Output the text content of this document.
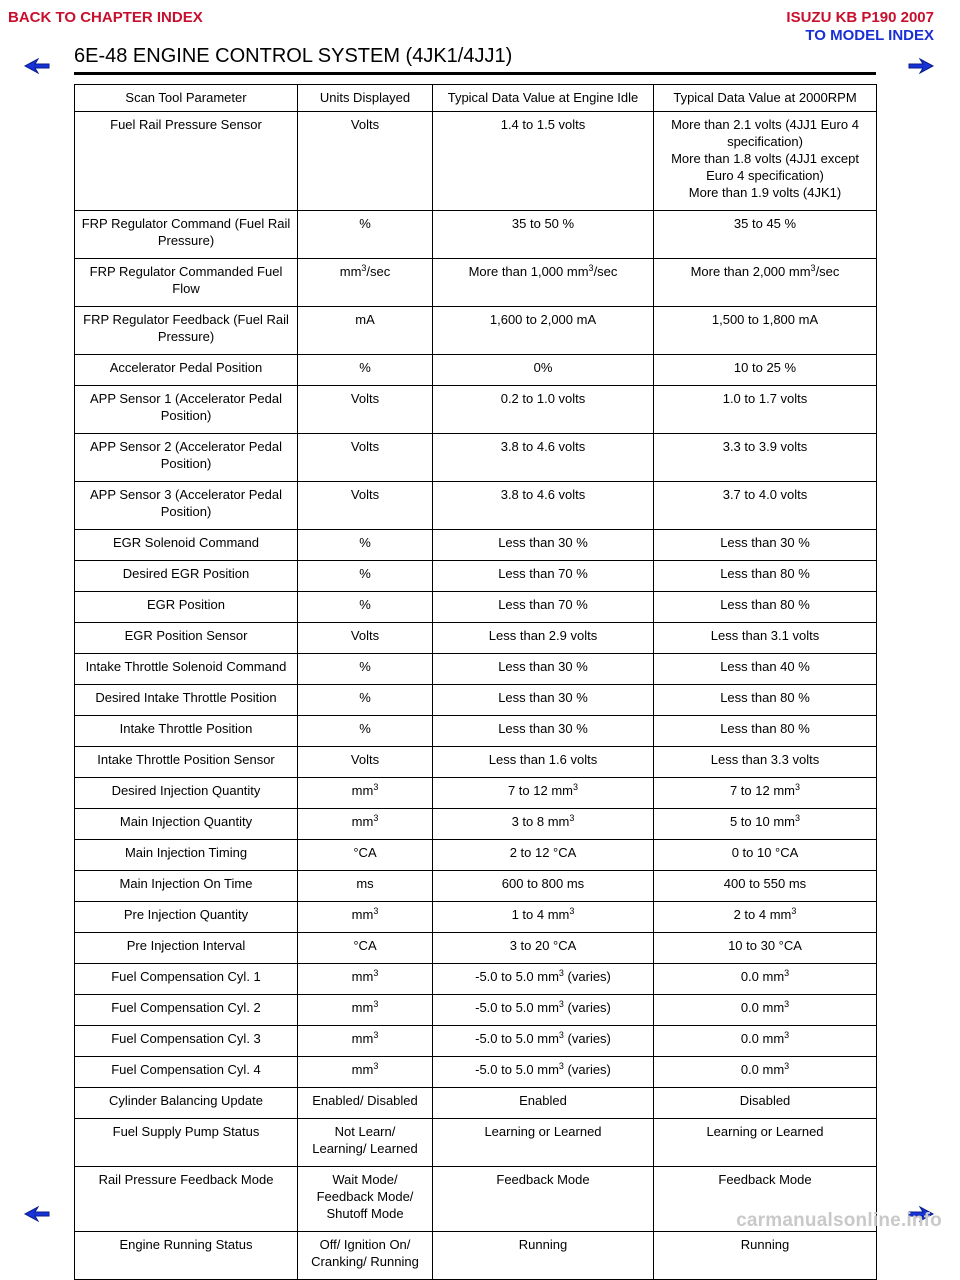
BACK TO CHAPTER INDEX	ISUZU KB P190 2007
TO MODEL INDEX
6E-48 ENGINE CONTROL SYSTEM (4JK1/4JJ1)
Scan Tool Parameter	Units Displayed	Typical Data Value at Engine Idle	Typical Data Value at 2000RPM
Fuel Rail Pressure Sensor	Volts	1.4 to 1.5 volts	More than 2.1 volts (4JJ1 Euro 4 specification)
More than 1.8 volts (4JJ1 except Euro 4 specification)
More than 1.9 volts (4JK1)
FRP Regulator Command (Fuel Rail Pressure)	%	35 to 50 %	35 to 45 %
FRP Regulator Commanded Fuel Flow	$mm^3/\sec$	More than 1,000 $mm^3/\sec$	More than 2,000 $mm^3/\sec$
FRP Regulator Feedback (Fuel Rail Pressure)	mA	1,600 to 2,000 mA	1,500 to 1,800 mA
Accelerator Pedal Position	%	0%	10 to 25 %
APP Sensor 1 (Accelerator Pedal Position)	Volts	0.2 to 1.0 volts	1.0 to 1.7 volts
APP Sensor 2 (Accelerator Pedal Position)	Volts	3.8 to 4.6 volts	3.3 to 3.9 volts
APP Sensor 3 (Accelerator Pedal Position)	Volts	3.8 to 4.6 volts	3.7 to 4.0 volts
EGR Solenoid Command	%	Less than 30 %	Less than 30 %
Desired EGR Position	%	Less than 70 %	Less than 80 %
EGR Position	%	Less than 70 %	Less than 80 %
EGR Position Sensor	Volts	Less than 2.9 volts	Less than 3.1 volts
Intake Throttle Solenoid Command	%	Less than 30 %	Less than 40 %
Desired Intake Throttle Position	%	Less than 30 %	Less than 80 %
Intake Throttle Position	%	Less than 30 %	Less than 80 %
Intake Throttle Position Sensor	Volts	Less than 1.6 volts	Less than 3.3 volts
Desired Injection Quantity	$mm^3$	7 to 12 $mm^3$	7 to 12 $mm^3$
Main Injection Quantity	$mm^3$	3 to 8 $mm^3$	5 to 10 $mm^3$
Main Injection Timing	°CA	2 to 12 °CA	0 to 10 °CA
Main Injection On Time	ms	600 to 800 ms	400 to 550 ms
Pre Injection Quantity	$mm^3$	1 to 4 $mm^3$	2 to 4 $mm^3$
Pre Injection Interval	°CA	3 to 20 °CA	10 to 30 °CA
Fuel Compensation Cyl. 1	$mm^3$	-5.0 to 5.0 $mm^3$ (varies)	0.0 $mm^3$
Fuel Compensation Cyl. 2	$mm^3$	-5.0 to 5.0 $mm^3$ (varies)	0.0 $mm^3$
Fuel Compensation Cyl. 3	$mm^3$	-5.0 to 5.0 $mm^3$ (varies)	0.0 $mm^3$
Fuel Compensation Cyl. 4	$mm^3$	-5.0 to 5.0 $mm^3$ (varies)	0.0 $mm^3$
Cylinder Balancing Update	Enabled/ Disabled	Enabled	Disabled
Fuel Supply Pump Status	Not Learn/
Learning/ Learned	Learning or Learned	Learning or Learned
Rail Pressure Feedback Mode	Wait Mode/
Feedback Mode/
Shutoff Mode	Feedback Mode	Feedback Mode
Engine Running Status	Off/ Ignition On/
Cranking/ Running	Running	Running
carmanualsonline.info
